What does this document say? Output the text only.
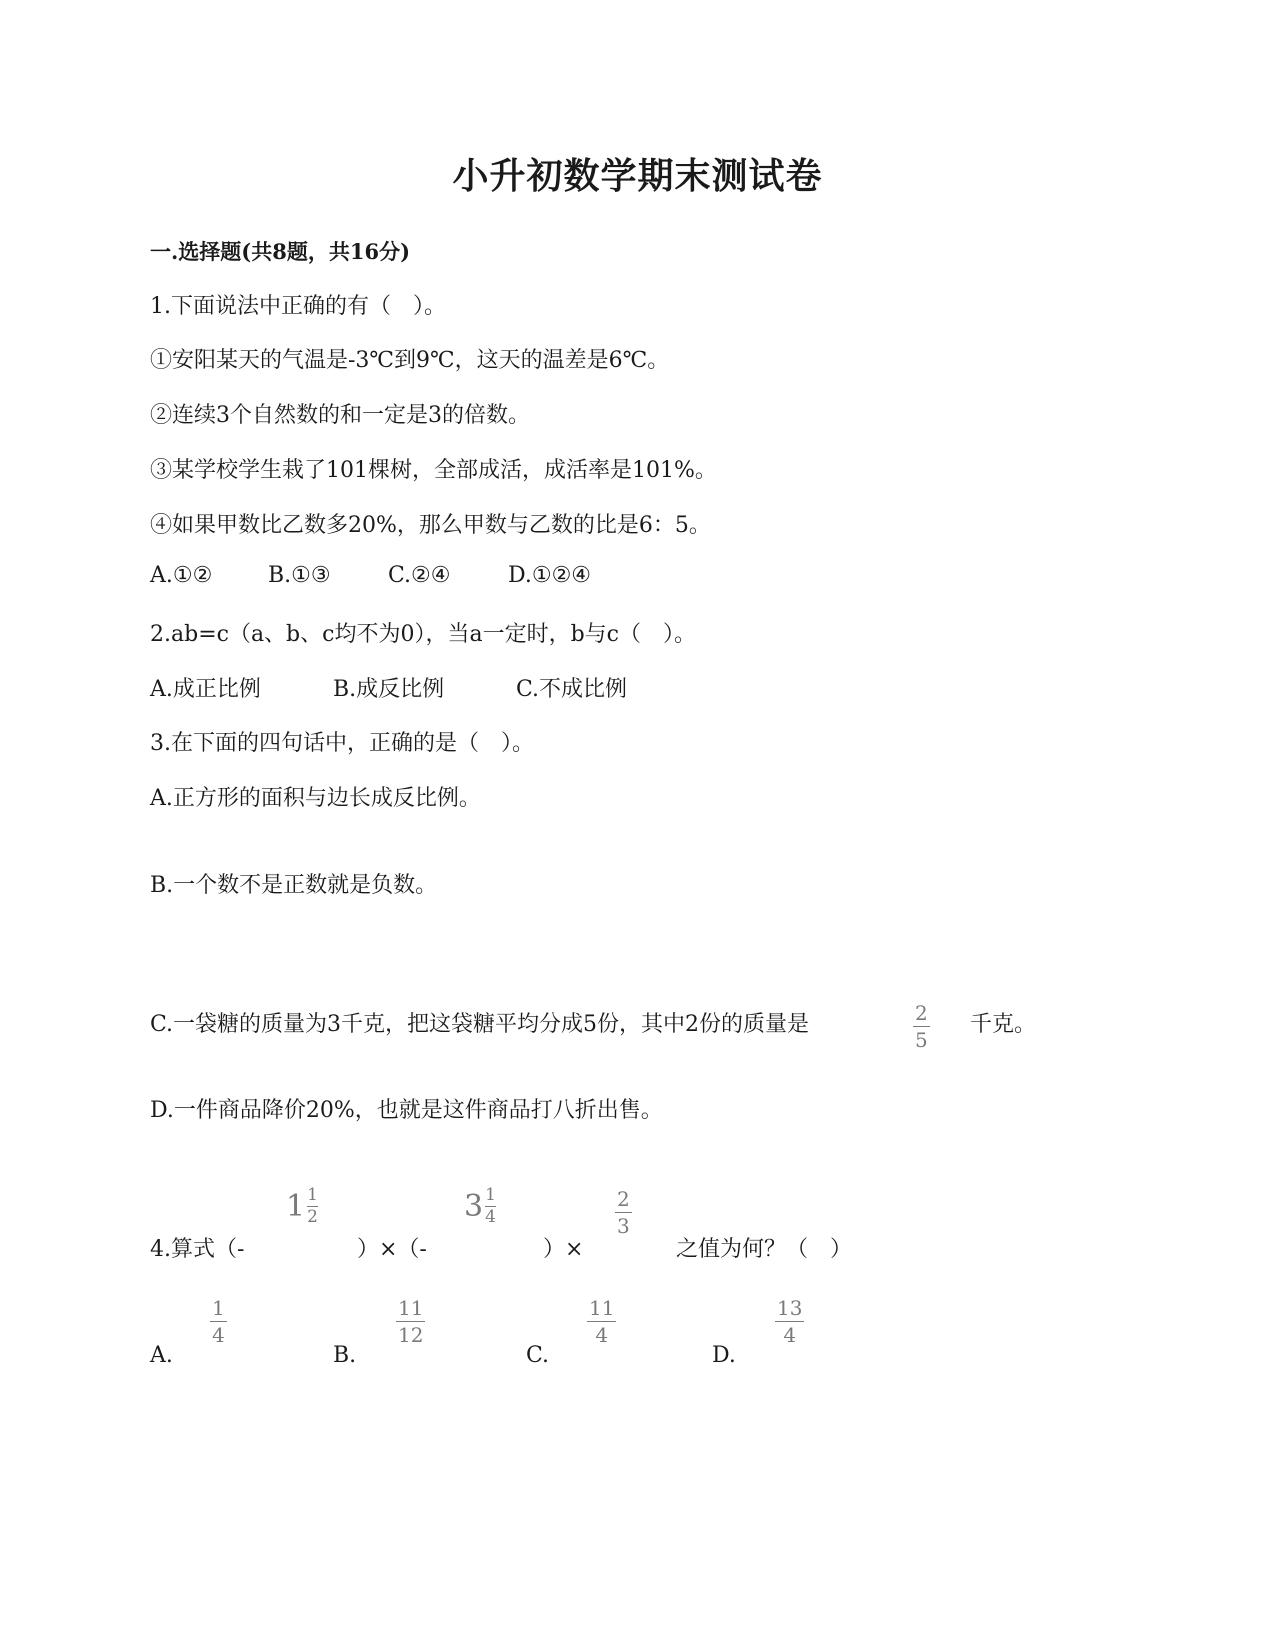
小升初数学期末测试卷
一.选择题(共8题，共16分)
1.下面说法中正确的有（　）。
①安阳某天的气温是-3℃到9℃，这天的温差是6℃。
②连续3个自然数的和一定是3的倍数。
③某学校学生栽了101棵树，全部成活，成活率是101%。
④如果甲数比乙数多20%，那么甲数与乙数的比是6：5。
A.①②	B.①③	C.②④	D.①②④
2.ab=c（a、b、c均不为0），当a一定时，b与c（　）。
A.成正比例	B.成反比例	C.不成比例
3.在下面的四句话中，正确的是（　）。
A.正方形的面积与边长成反比例。
B.一个数不是正数就是负数。
C.一袋糖的质量为3千克，把这袋糖平均分成5份，其中2份的质量是	2
5
千克。
D.一件商品降价20%，也就是这件商品打八折出售。
4.算式（-
1 1
2
）×（-
3 1
4
）×
2
3
之值为何？（　）
A.
1
4
B.
11
12
C.
11
4
D.
13
4
